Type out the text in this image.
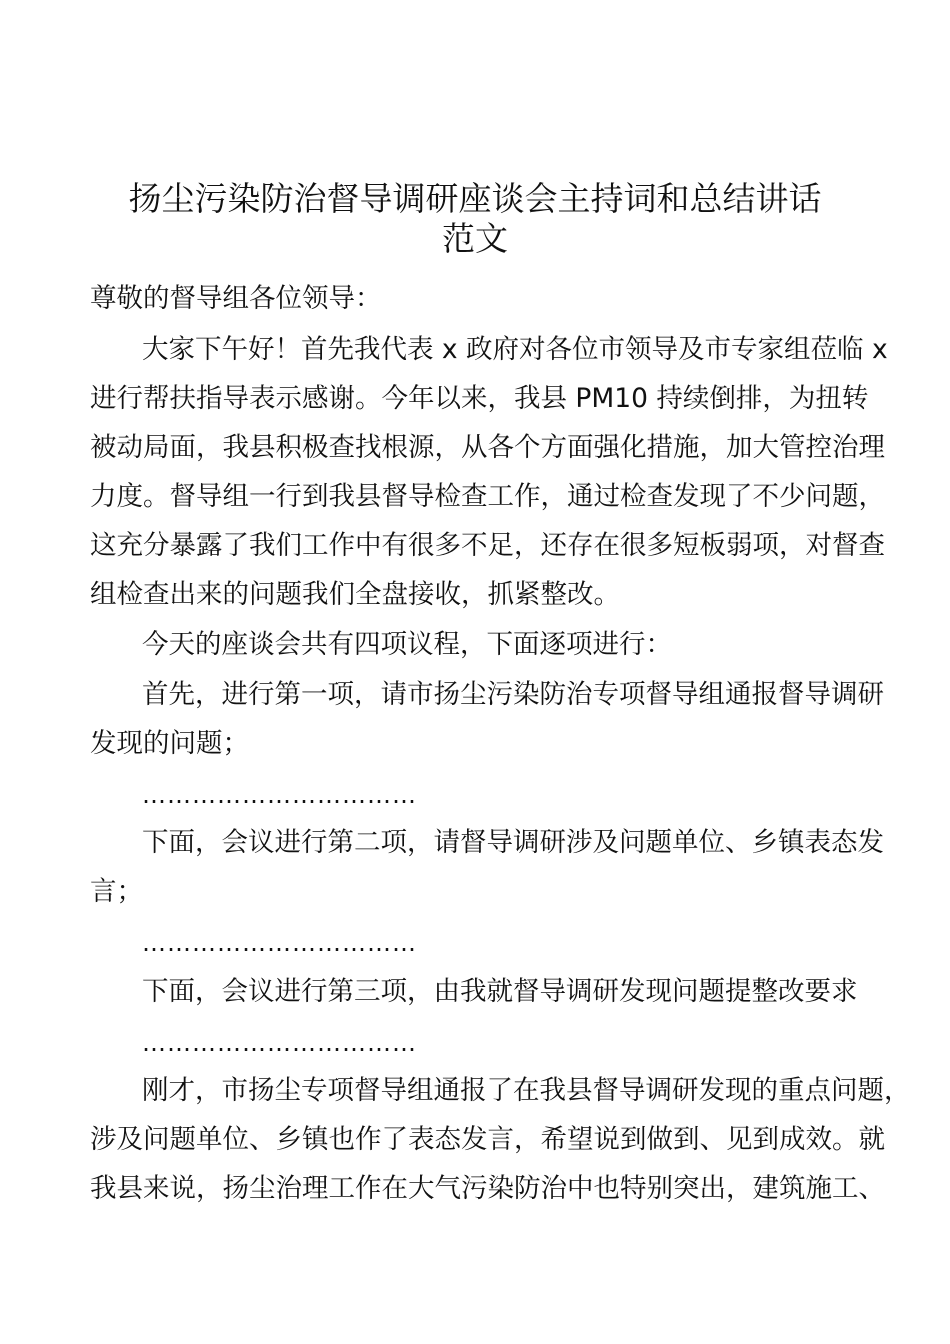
扬尘污染防治督导调研座谈会主持词和总结讲话
范文
尊敬的督导组各位领导：
大家下午好！首先我代表 x 政府对各位市领导及市专家组莅临 x
进行帮扶指导表示感谢。今年以来，我县 PM10 持续倒排，为扭转
被动局面，我县积极查找根源，从各个方面强化措施，加大管控治理
力度。督导组一行到我县督导检查工作，通过检查发现了不少问题，
这充分暴露了我们工作中有很多不足，还存在很多短板弱项，对督查
组检查出来的问题我们全盘接收，抓紧整改。
今天的座谈会共有四项议程，下面逐项进行：
首先，进行第一项，请市扬尘污染防治专项督导组通报督导调研
发现的问题；
……………………………
下面，会议进行第二项，请督导调研涉及问题单位、乡镇表态发
言；
……………………………
下面，会议进行第三项，由我就督导调研发现问题提整改要求
……………………………
刚才，市扬尘专项督导组通报了在我县督导调研发现的重点问题，
涉及问题单位、乡镇也作了表态发言，希望说到做到、见到成效。就
我县来说，扬尘治理工作在大气污染防治中也特别突出，建筑施工、
